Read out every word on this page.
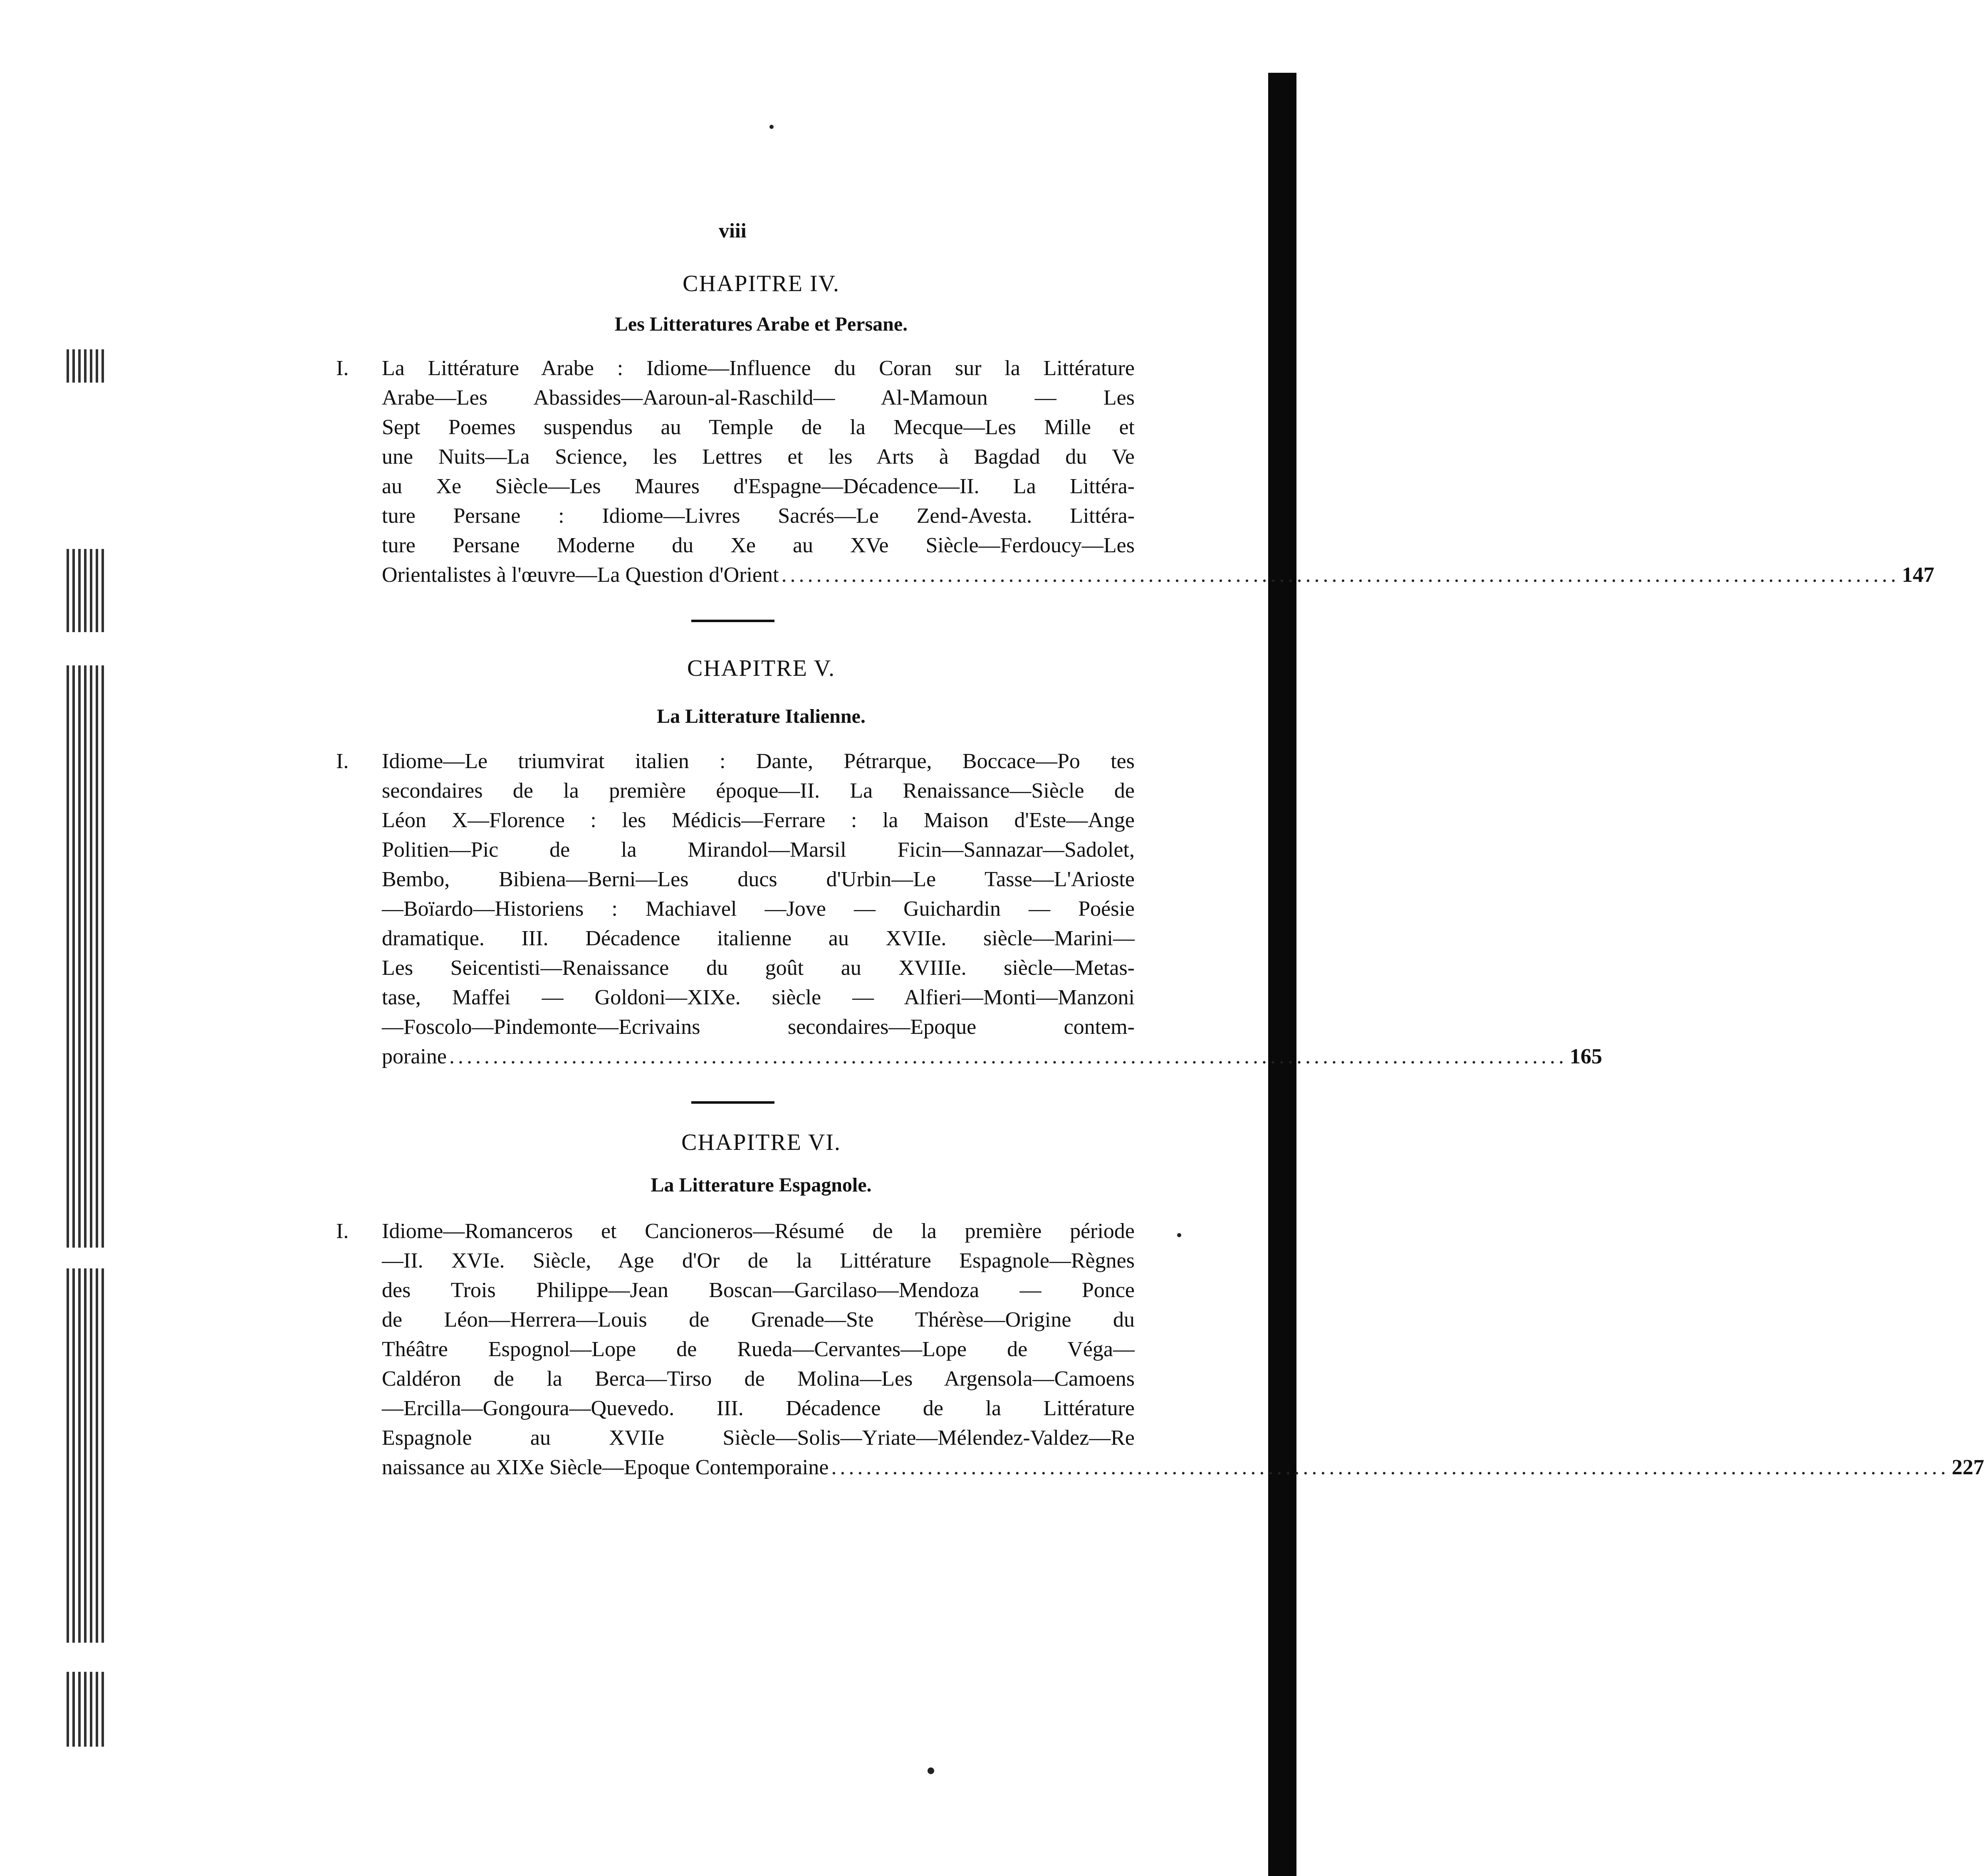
viii
CHAPITRE IV.
Les Litteratures Arabe et Persane.
I. La Littérature Arabe : Idiome—Influence du Coran sur la Littérature
Arabe—Les Abassides—Aaroun-al-Raschild— Al-Mamoun — Les
Sept Poemes suspendus au Temple de la Mecque—Les Mille et
une Nuits—La Science, les Lettres et les Arts à Bagdad du Ve
au Xe Siècle—Les Maures d'Espagne—Décadence—II. La Littéra-
ture Persane : Idiome—Livres Sacrés—Le Zend-Avesta. Littéra-
ture Persane Moderne du Xe au XVe Siècle—Ferdoucy—Les
Orientalistes à l'œuvre—La Question d'Orient ................................................................................................................................ 147
CHAPITRE V.
La Litterature Italienne.
I. Idiome—Le triumvirat italien : Dante, Pétrarque, Boccace—Po tes
secondaires de la première époque—II. La Renaissance—Siècle de
Léon X—Florence : les Médicis—Ferrare : la Maison d'Este—Ange
Politien—Pic de la Mirandol—Marsil Ficin—Sannazar—Sadolet,
Bembo, Bibiena—Berni—Les ducs d'Urbin—Le Tasse—L'Arioste
—Boïardo—Historiens : Machiavel —Jove — Guichardin — Poésie
dramatique. III. Décadence italienne au XVIIe. siècle—Marini—
Les Seicentisti—Renaissance du goût au XVIIIe. siècle—Metas-
tase, Maffei — Goldoni—XIXe. siècle — Alfieri—Monti—Manzoni
—Foscolo—Pindemonte—Ecrivains secondaires—Epoque contem-
poraine ................................................................................................................................ 165
CHAPITRE VI.
La Litterature Espagnole.
I. Idiome—Romanceros et Cancioneros—Résumé de la première période
—II. XVIe. Siècle, Age d'Or de la Littérature Espagnole—Règnes
des Trois Philippe—Jean Boscan—Garcilaso—Mendoza — Ponce
de Léon—Herrera—Louis de Grenade—Ste Thérèse—Origine du
Théâtre Espognol—Lope de Rueda—Cervantes—Lope de Véga—
Caldéron de la Berca—Tirso de Molina—Les Argensola—Camoens
—Ercilla—Gongoura—Quevedo. III. Décadence de la Littérature
Espagnole au XVIIe Siècle—Solis—Yriate—Mélendez-Valdez—Re
naissance au XIXe Siècle—Epoque Contemporaine ................................................................................................................................ 227
